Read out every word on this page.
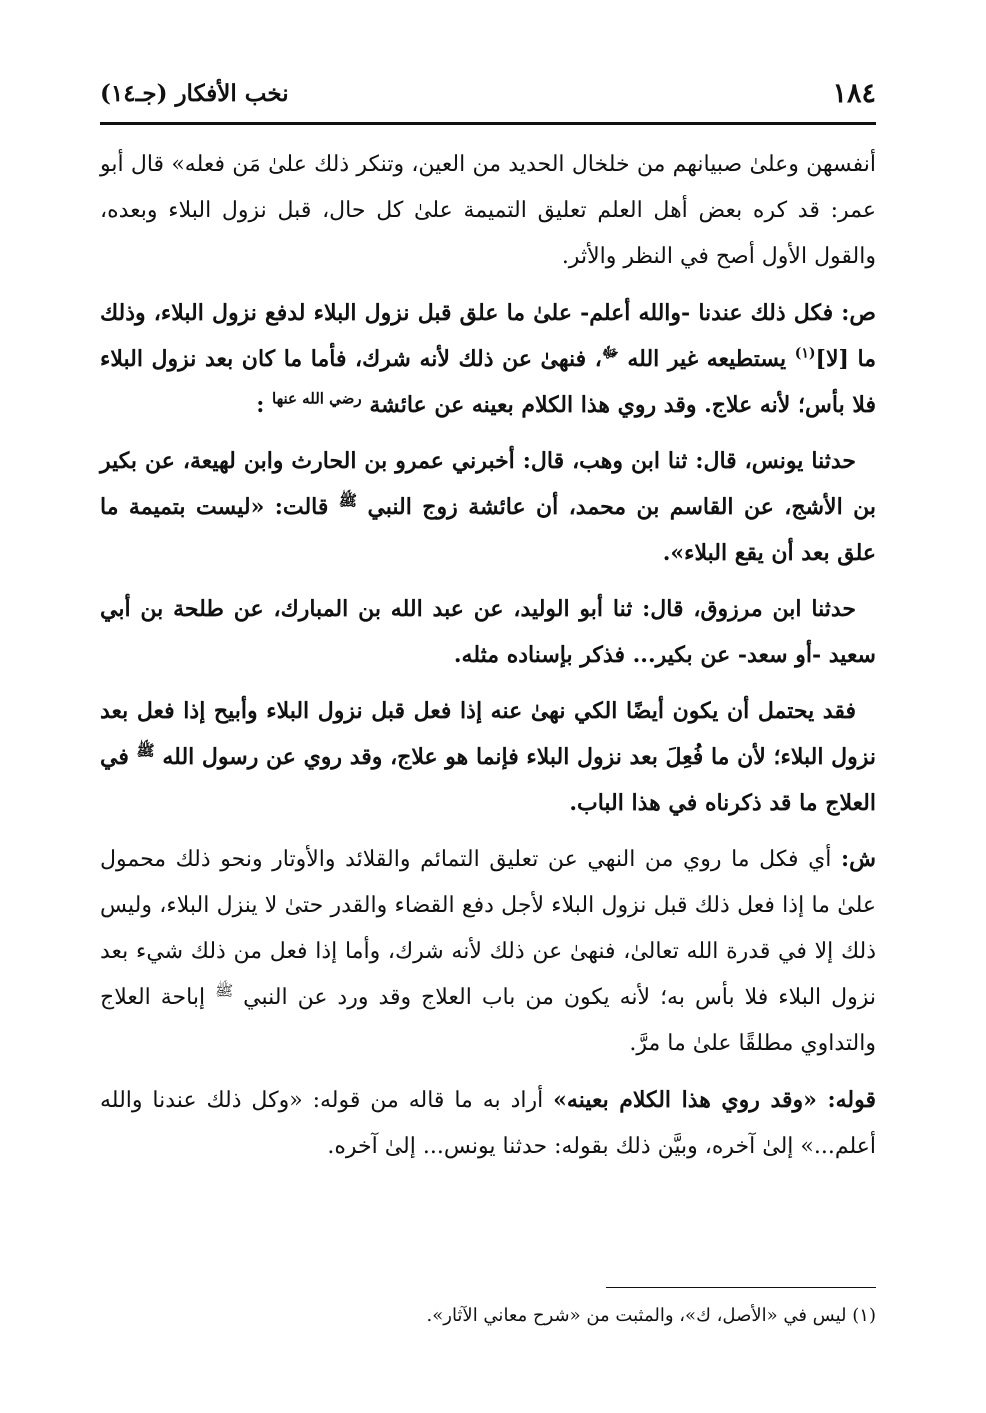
١٨٤
نخب الأفكار (جـ١٤)

أنفسهن وعلىٰ صبيانهم من خلخال الحديد من العين، وتنكر ذلك علىٰ مَن فعله» قال أبو عمر: قد كره بعض أهل العلم تعليق التميمة علىٰ كل حال، قبل نزول البلاء وبعده، والقول الأول أصح في النظر والأثر.

ص: فكل ذلك عندنا -والله أعلم- علىٰ ما علق قبل نزول البلاء لدفع نزول البلاء، وذلك ما [لا]$^{(١)}$ يستطيعه غير الله $^ﷻ$، فنهىٰ عن ذلك لأنه شرك، فأما ما كان بعد نزول البلاء فلا بأس؛ لأنه علاج. وقد روي هذا الكلام بعينه عن عائشة $^{رضي الله عنها}$ :

حدثنا يونس، قال: ثنا ابن وهب، قال: أخبرني عمرو بن الحارث وابن لهيعة، عن بكير بن الأشج، عن القاسم بن محمد، أن عائشة زوج النبي $^ﷺ$ قالت: «ليست بتميمة ما علق بعد أن يقع البلاء».

حدثنا ابن مرزوق، قال: ثنا أبو الوليد، عن عبد الله بن المبارك، عن طلحة بن أبي سعيد -أو سعد- عن بكير... فذكر بإسناده مثله.

فقد يحتمل أن يكون أيضًا الكي نهىٰ عنه إذا فعل قبل نزول البلاء وأبيح إذا فعل بعد نزول البلاء؛ لأن ما فُعِلَ بعد نزول البلاء فإنما هو علاج، وقد روي عن رسول الله $^ﷺ$ في العلاج ما قد ذكرناه في هذا الباب.

ش: أي فكل ما روي من النهي عن تعليق التمائم والقلائد والأوتار ونحو ذلك محمول علىٰ ما إذا فعل ذلك قبل نزول البلاء لأجل دفع القضاء والقدر حتىٰ لا ينزل البلاء، وليس ذلك إلا في قدرة الله تعالىٰ، فنهىٰ عن ذلك لأنه شرك، وأما إذا فعل من ذلك شيء بعد نزول البلاء فلا بأس به؛ لأنه يكون من باب العلاج وقد ورد عن النبي $^ﷺ$ إباحة العلاج والتداوي مطلقًا علىٰ ما مرَّ.

قوله: «وقد روي هذا الكلام بعينه» أراد به ما قاله من قوله: «وكل ذلك عندنا والله أعلم...» إلىٰ آخره، وبيَّن ذلك بقوله: حدثنا يونس... إلىٰ آخره.

(١) ليس في «الأصل، ك»، والمثبت من «شرح معاني الآثار».
